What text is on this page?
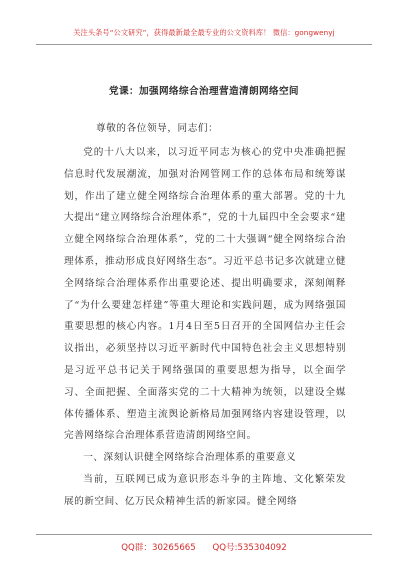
关注头条号“公文研究”，获得最新最全最专业的公文资料库！ 微信：gongwenyj
党课：加强网络综合治理营造清朗网络空间
尊敬的各位领导，同志们：

党的十八大以来，以习近平同志为核心的党中央准确把握信息时代发展潮流，加强对治网管网工作的总体布局和统筹谋划，作出了建立健全网络综合治理体系的重大部署。党的十九大提出“建立网络综合治理体系”，党的十九届四中全会要求“建立健全网络综合治理体系”，党的二十大强调“健全网络综合治理体系，推动形成良好网络生态”。习近平总书记多次就建立健全网络综合治理体系作出重要论述、提出明确要求，深刻阐释了“为什么要建怎样建”等重大理论和实践问题，成为网络强国重要思想的核心内容。1月4日至5日召开的全国网信办主任会议指出，必须坚持以习近平新时代中国特色社会主义思想特别是习近平总书记关于网络强国的重要思想为指导，以全面学习、全面把握、全面落实党的二十大精神为统领，以建设全媒体传播体系、塑造主流舆论新格局加强网络内容建设管理，以完善网络综合治理体系营造清朗网络空间。

一、深刻认识健全网络综合治理体系的重要意义

当前，互联网已成为意识形态斗争的主阵地、文化繁荣发展的新空间、亿万民众精神生活的新家园。健全网络

QQ群：30265665 QQ号:535304092
